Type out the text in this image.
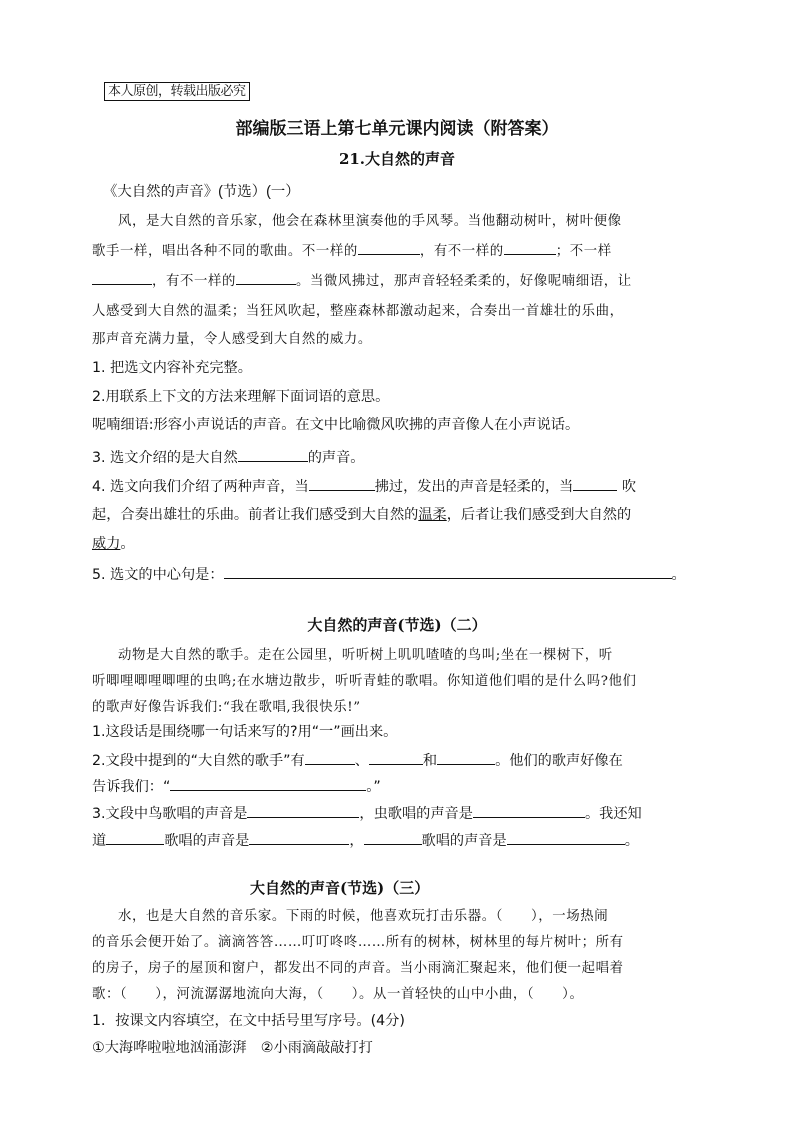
本人原创，转载出版必究
部编版三语上第七单元课内阅读（附答案）
21.大自然的声音
《大自然的声音》(节选）(一）
风，是大自然的音乐家，他会在森林里演奏他的手风琴。当他翻动树叶，树叶便像
歌手一样，唱出各种不同的歌曲。不一样的	，有不一样的	；不一样
，有不一样的	。当微风拂过，那声音轻轻柔柔的，好像呢喃细语，让
人感受到大自然的温柔；当狂风吹起，整座森林都激动起来，合奏出一首雄壮的乐曲，
那声音充满力量，令人感受到大自然的威力。
1. 把选文内容补充完整。
2.用联系上下文的方法来理解下面词语的意思。
呢喃细语:形容小声说话的声音。在文中比喻微风吹拂的声音像人在小声说话。
3. 选文介绍的是大自然	的声音。
4. 选文向我们介绍了两种声音，当	拂过，发出的声音是轻柔的，当	吹
起，合奏出雄壮的乐曲。前者让我们感受到大自然的温柔，后者让我们感受到大自然的
威力。
5. 选文的中心句是：	。
大自然的声音(节选)（二）
动物是大自然的歌手。走在公园里，听听树上叽叽喳喳的鸟叫;坐在一棵树下，听
听唧哩唧哩唧哩的虫鸣;在水塘边散步，听听青蛙的歌唱。你知道他们唱的是什么吗?他们
的歌声好像告诉我们:“我在歌唱,我很快乐!”
1.这段话是围绕哪一句话来写的?用“一”画出来。
2.文段中提到的“大自然的歌手”有	、	和	。他们的歌声好像在
告诉我们：“	。”
3.文段中鸟歌唱的声音是	，虫歌唱的声音是	。我还知
道	歌唱的声音是	，	歌唱的声音是	。
大自然的声音(节选)（三）
水，也是大自然的音乐家。下雨的时候，他喜欢玩打击乐器。（　　），一场热闹
的音乐会便开始了。滴滴答答……叮叮咚咚……所有的树林，树林里的每片树叶；所有
的房子，房子的屋顶和窗户，都发出不同的声音。当小雨滴汇聚起来，他们便一起唱着
歌：（　　），河流潺潺地流向大海，（　　）。从一首轻快的山中小曲，（　　）。
1．按课文内容填空，在文中括号里写序号。(4分)
①大海哗啦啦地汹涌澎湃　②小雨滴敲敲打打
